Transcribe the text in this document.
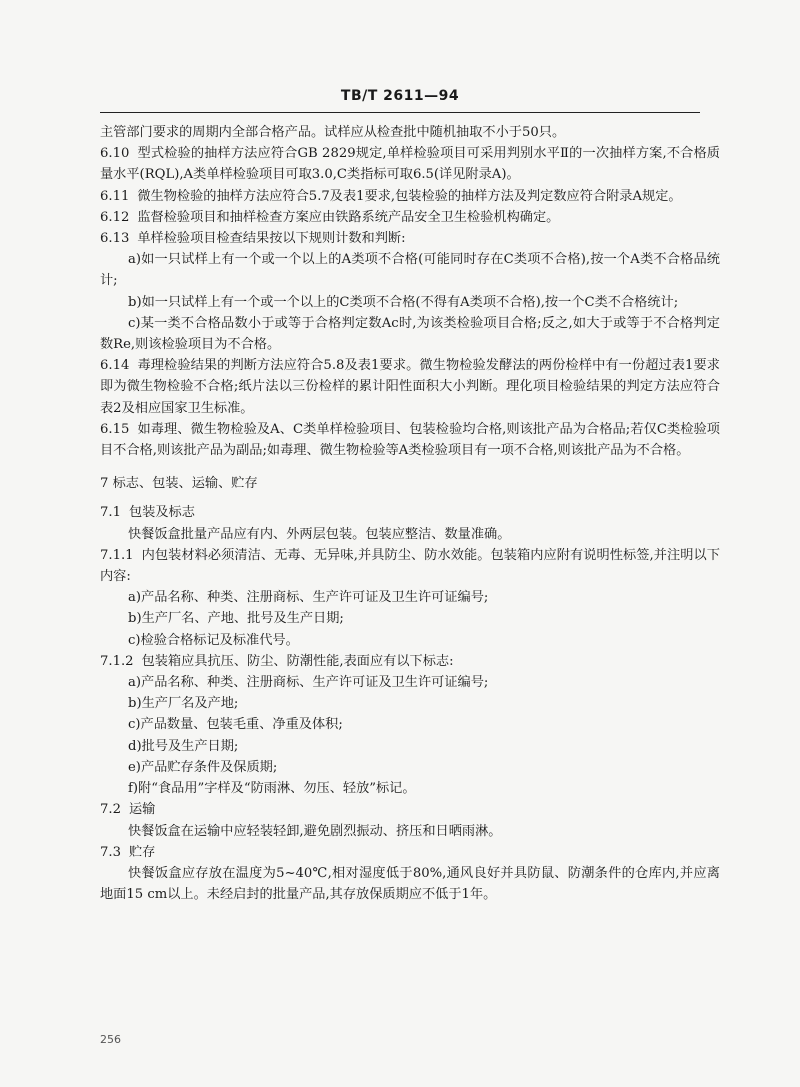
TB/T 2611—94

主管部门要求的周期内全部合格产品。试样应从检查批中随机抽取不小于50只。

6.10 型式检验的抽样方法应符合GB 2829规定,单样检验项目可采用判别水平Ⅱ的一次抽样方案,不合格质量水平(RQL),A类单样检验项目可取3.0,C类指标可取6.5(详见附录A)。

6.11 微生物检验的抽样方法应符合5.7及表1要求,包装检验的抽样方法及判定数应符合附录A规定。

6.12 监督检验项目和抽样检查方案应由铁路系统产品安全卫生检验机构确定。

6.13 单样检验项目检查结果按以下规则计数和判断:

a)如一只试样上有一个或一个以上的A类项不合格(可能同时存在C类项不合格),按一个A类不合格品统计;

b)如一只试样上有一个或一个以上的C类项不合格(不得有A类项不合格),按一个C类不合格统计;

c)某一类不合格品数小于或等于合格判定数Ac时,为该类检验项目合格;反之,如大于或等于不合格判定数Re,则该检验项目为不合格。

6.14 毒理检验结果的判断方法应符合5.8及表1要求。微生物检验发酵法的两份检样中有一份超过表1要求即为微生物检验不合格;纸片法以三份检样的累计阳性面积大小判断。理化项目检验结果的判定方法应符合表2及相应国家卫生标准。

6.15 如毒理、微生物检验及A、C类单样检验项目、包装检验均合格,则该批产品为合格品;若仅C类检验项目不合格,则该批产品为副品;如毒理、微生物检验等A类检验项目有一项不合格,则该批产品为不合格。

7 标志、包装、运输、贮存

7.1 包装及标志

快餐饭盒批量产品应有内、外两层包装。包装应整洁、数量准确。

7.1.1 内包装材料必须清洁、无毒、无异味,并具防尘、防水效能。包装箱内应附有说明性标签,并注明以下内容:

a)产品名称、种类、注册商标、生产许可证及卫生许可证编号;

b)生产厂名、产地、批号及生产日期;

c)检验合格标记及标准代号。

7.1.2 包装箱应具抗压、防尘、防潮性能,表面应有以下标志:

a)产品名称、种类、注册商标、生产许可证及卫生许可证编号;

b)生产厂名及产地;

c)产品数量、包装毛重、净重及体积;

d)批号及生产日期;

e)产品贮存条件及保质期;

f)附“食品用”字样及“防雨淋、勿压、轻放”标记。

7.2 运输

快餐饭盒在运输中应轻装轻卸,避免剧烈振动、挤压和日晒雨淋。

7.3 贮存

快餐饭盒应存放在温度为5~40℃,相对湿度低于80%,通风良好并具防鼠、防潮条件的仓库内,并应离地面15 cm以上。未经启封的批量产品,其存放保质期应不低于1年。

256
